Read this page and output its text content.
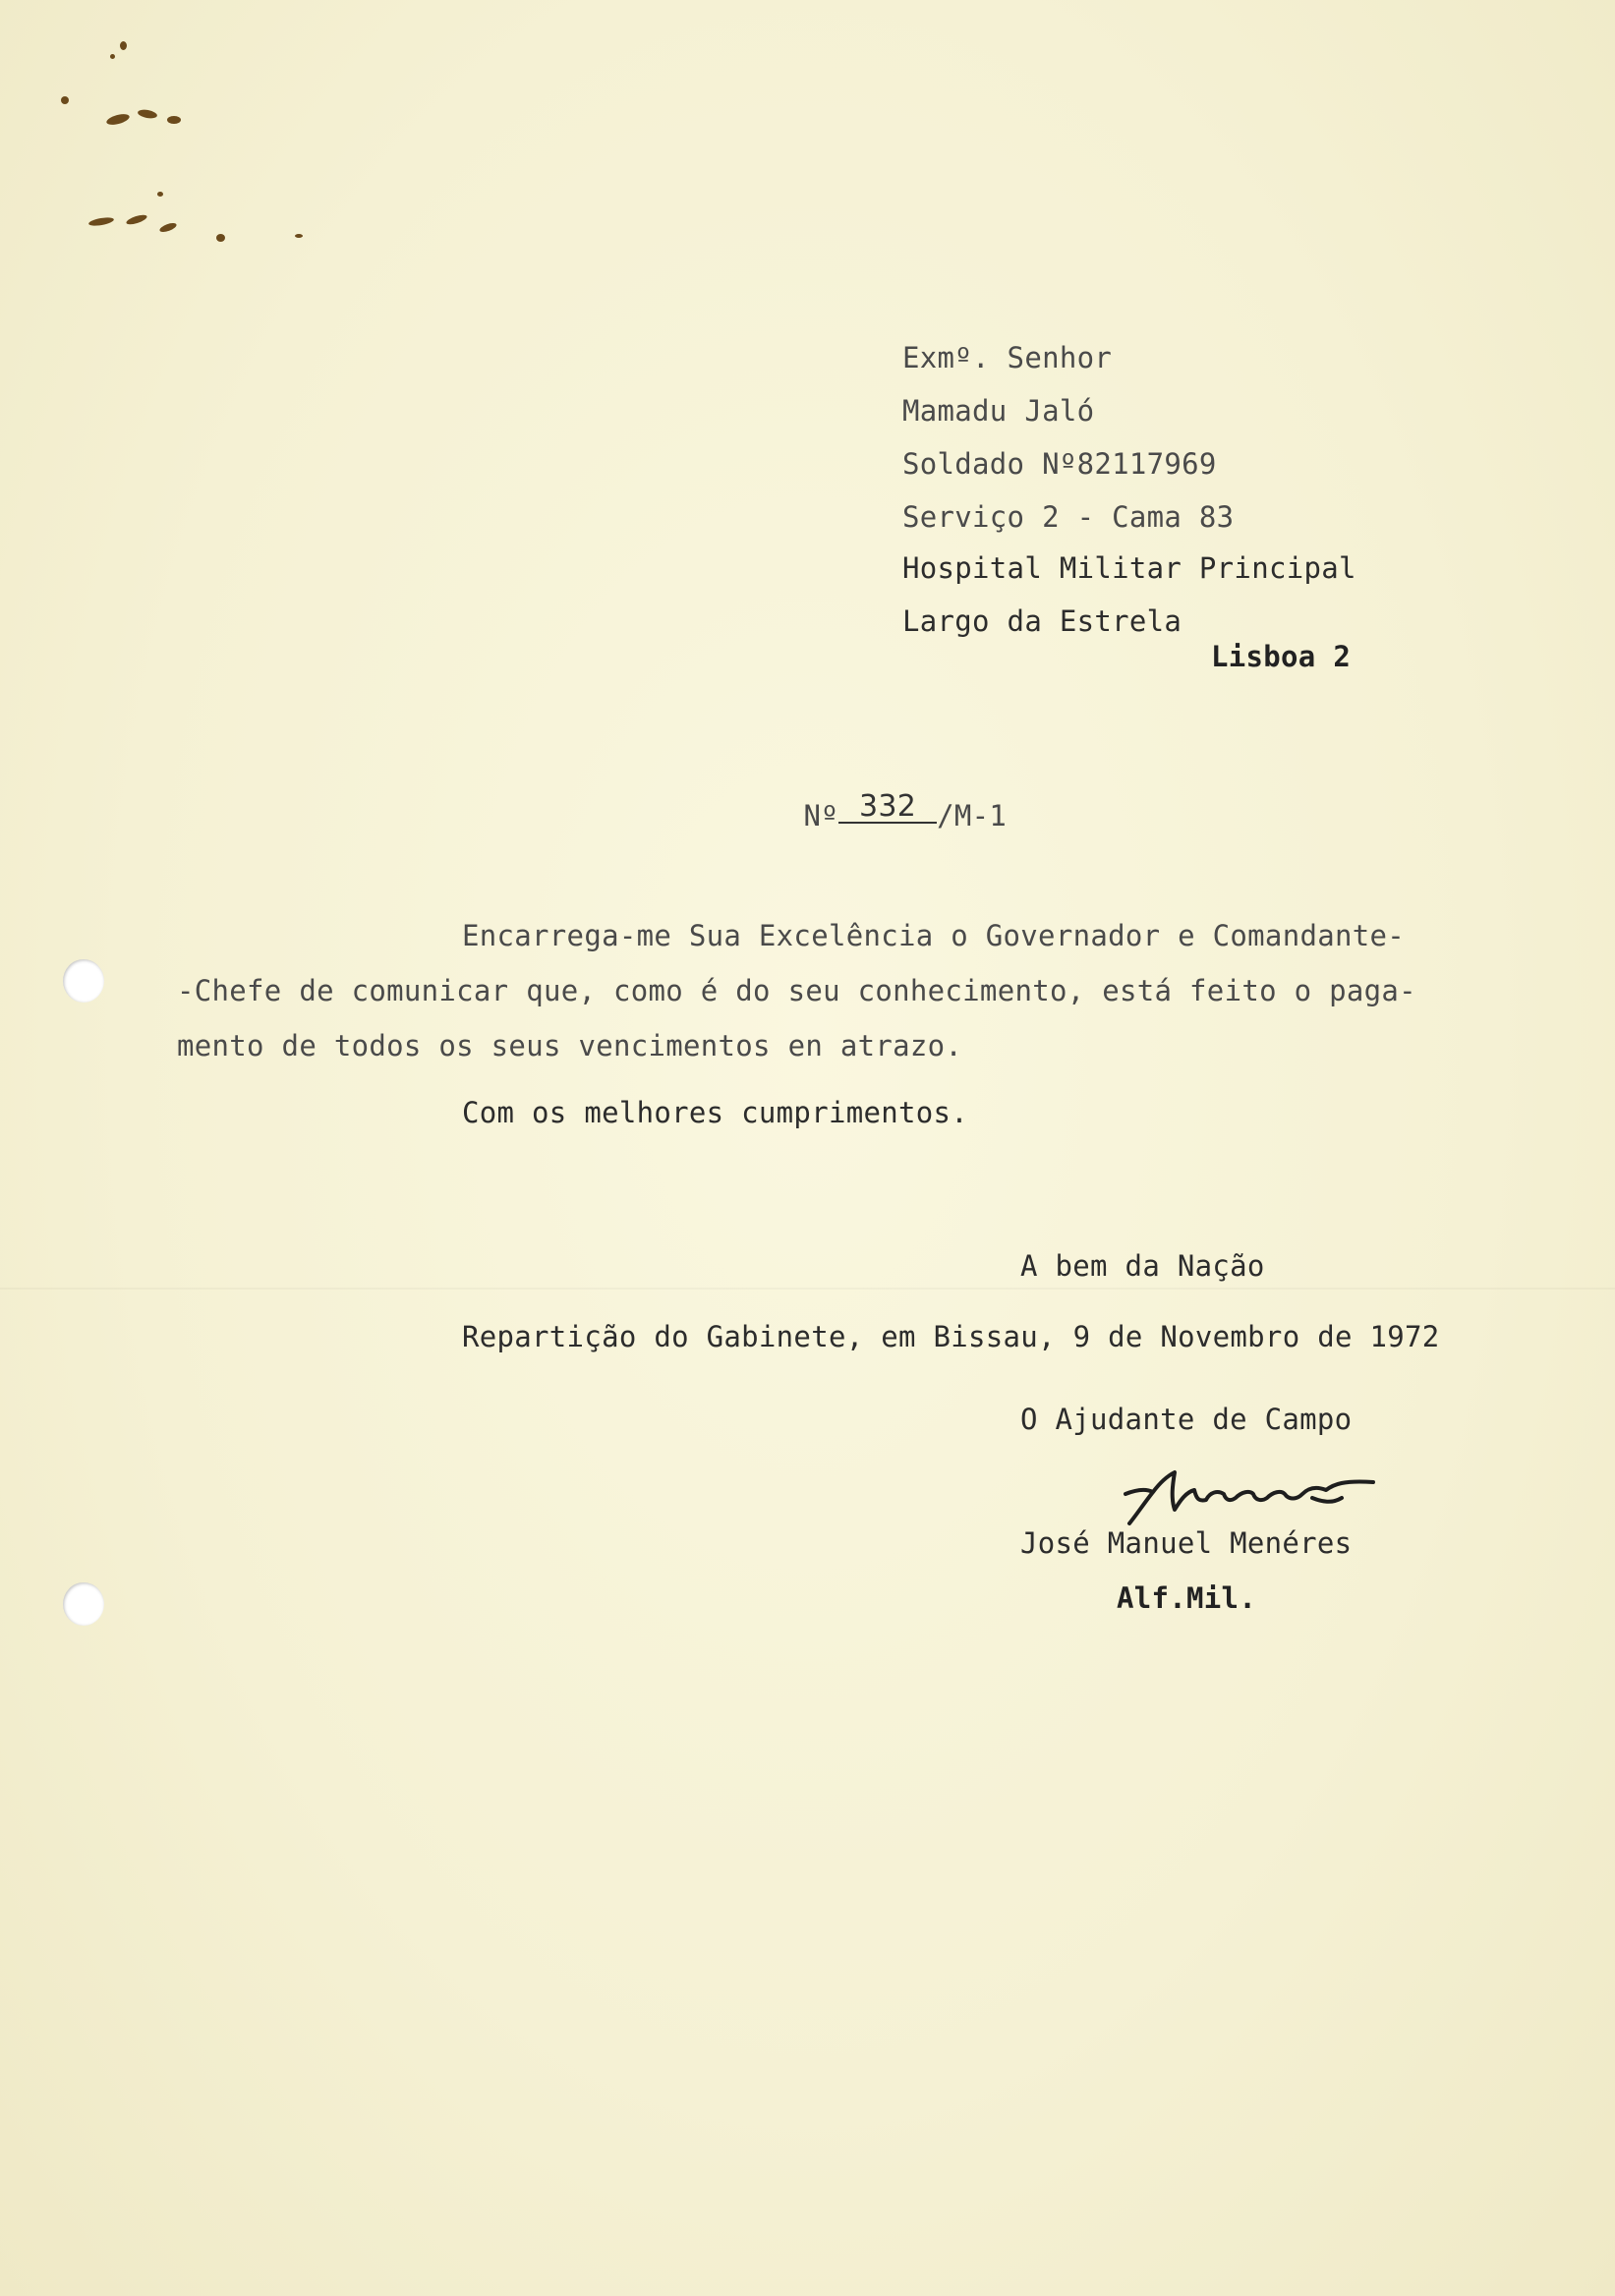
Exmº. Senhor
Mamadu Jaló
Soldado Nº82117969
Serviço 2 - Cama 83
Hospital Militar Principal
Largo da Estrela
Lisboa 2

Nº 332 /M-1

Encarrega-me Sua Excelência o Governador e Comandante-
-Chefe de comunicar que, como é do seu conhecimento, está feito o paga-
mento de todos os seus vencimentos en atrazo.
Com os melhores cumprimentos.
A bem da Nação
Repartição do Gabinete, em Bissau, 9 de Novembro de 1972
O Ajudante de Campo
José Manuel Menéres
Alf.Mil.
